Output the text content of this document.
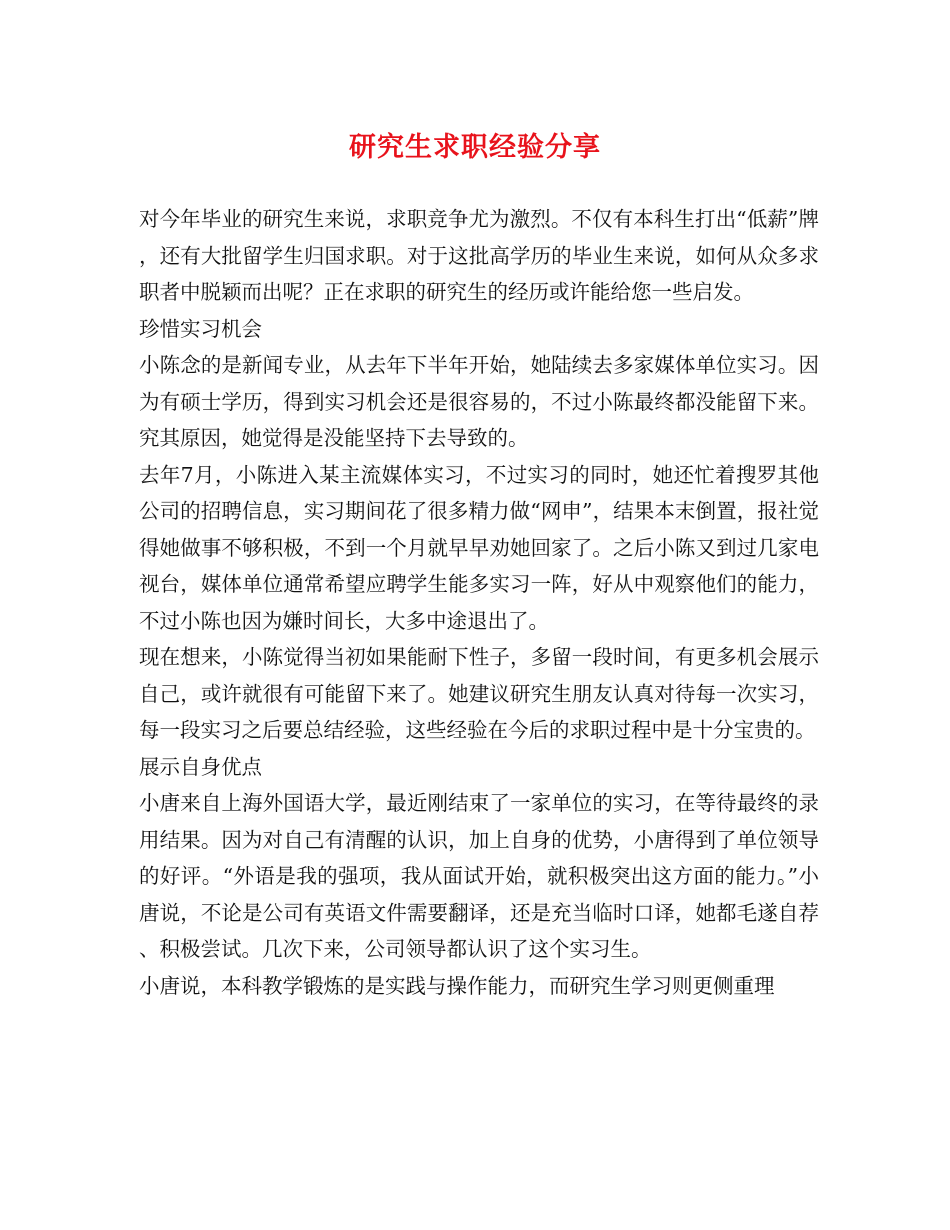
研究生求职经验分享

对今年毕业的研究生来说，求职竞争尤为激烈。不仅有本科生打出“低薪”牌，还有大批留学生归国求职。对于这批高学历的毕业生来说，如何从众多求职者中脱颖而出呢？正在求职的研究生的经历或许能给您一些启发。

珍惜实习机会

小陈念的是新闻专业，从去年下半年开始，她陆续去多家媒体单位实习。因为有硕士学历，得到实习机会还是很容易的，不过小陈最终都没能留下来。究其原因，她觉得是没能坚持下去导致的。

去年7月，小陈进入某主流媒体实习，不过实习的同时，她还忙着搜罗其他公司的招聘信息，实习期间花了很多精力做“网申”，结果本末倒置，报社觉得她做事不够积极，不到一个月就早早劝她回家了。之后小陈又到过几家电视台，媒体单位通常希望应聘学生能多实习一阵，好从中观察他们的能力，不过小陈也因为嫌时间长，大多中途退出了。

现在想来，小陈觉得当初如果能耐下性子，多留一段时间，有更多机会展示自己，或许就很有可能留下来了。她建议研究生朋友认真对待每一次实习，每一段实习之后要总结经验，这些经验在今后的求职过程中是十分宝贵的。

展示自身优点

小唐来自上海外国语大学，最近刚结束了一家单位的实习，在等待最终的录用结果。因为对自己有清醒的认识，加上自身的优势，小唐得到了单位领导的好评。“外语是我的强项，我从面试开始，就积极突出这方面的能力。”小唐说，不论是公司有英语文件需要翻译，还是充当临时口译，她都毛遂自荐、积极尝试。几次下来，公司领导都认识了这个实习生。

小唐说，本科教学锻炼的是实践与操作能力，而研究生学习则更侧重理
